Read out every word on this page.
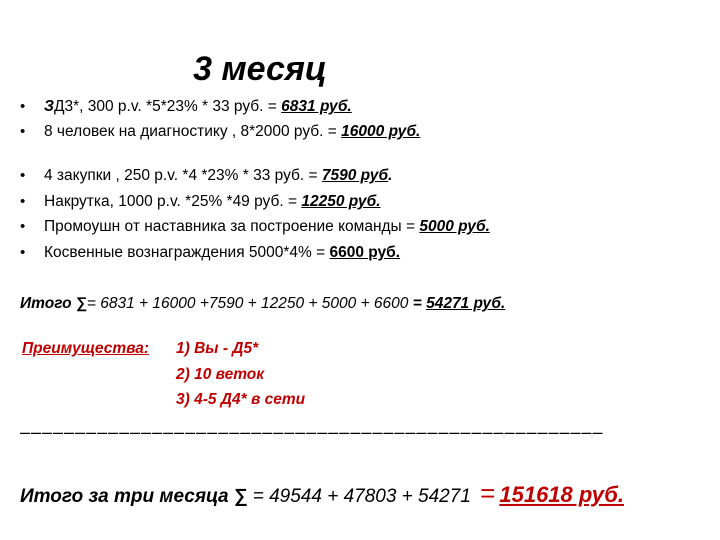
3 месяц
•	ЗД3*, 300 р.v. *5*23% * 33 руб. = 6831 руб.
•	8 человек на диагностику , 8*2000 руб. = 16000 руб.
•	4 закупки , 250 р.v. *4 *23% * 33 руб. = 7590 руб.
•	Накрутка, 1000 р.v. *25% *49 руб. = 12250 руб.
•	Промоушн от наставника за построение команды = 5000 руб.
•	Косвенные вознаграждения 5000*4% = 6600 руб.
Итого ∑= 6831 + 16000 +7590 + 12250 + 5000 + 6600 = 54271 руб.
Преимущества: 1) Вы - Д5*
2) 10 веток
3) 4-5 Д4* в сети
–––––––––––––––––––––––––––––––––––––––––––––––––––––
Итого за три месяца ∑ = 49544 + 47803 + 54271 = 151618 руб.
